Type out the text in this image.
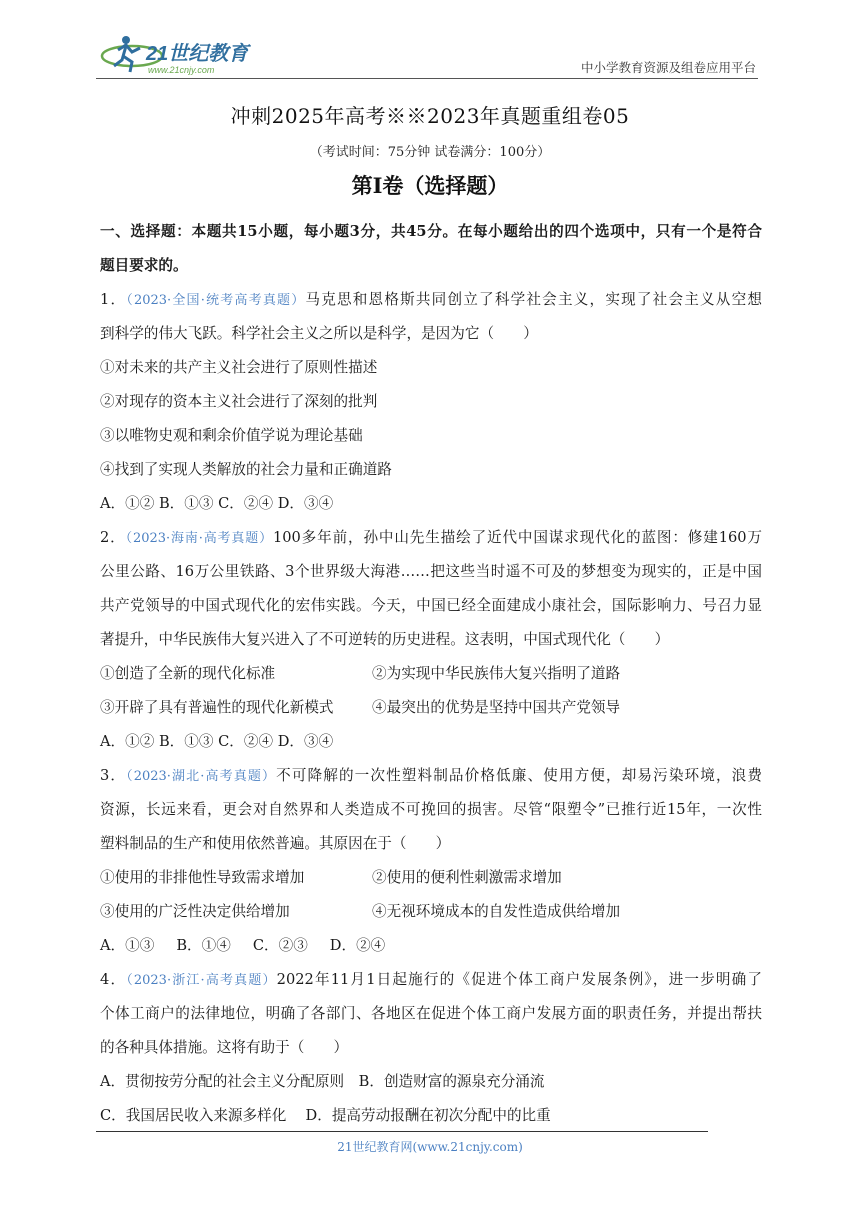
21世纪教育
www.21cnjy.com	中小学教育资源及组卷应用平台
冲刺2025年高考※※2023年真题重组卷05
（考试时间：75分钟 试卷满分：100分）
第I卷（选择题）
一、选择题：本题共15小题，每小题3分，共45分。在每小题给出的四个选项中，只有一个是符合
题目要求的。
1．（2023·全国·统考高考真题）马克思和恩格斯共同创立了科学社会主义，实现了社会主义从空想
到科学的伟大飞跃。科学社会主义之所以是科学，是因为它（　　）
①对未来的共产主义社会进行了原则性描述
②对现存的资本主义社会进行了深刻的批判
③以唯物史观和剩余价值学说为理论基础
④找到了实现人类解放的社会力量和正确道路
A．①② B．①③ C．②④ D．③④
2．（2023·海南·高考真题）100多年前，孙中山先生描绘了近代中国谋求现代化的蓝图：修建160万
公里公路、16万公里铁路、3个世界级大海港……把这些当时遥不可及的梦想变为现实的，正是中国
共产党领导的中国式现代化的宏伟实践。今天，中国已经全面建成小康社会，国际影响力、号召力显
著提升，中华民族伟大复兴进入了不可逆转的历史进程。这表明，中国式现代化（　　）
①创造了全新的现代化标准	②为实现中华民族伟大复兴指明了道路
③开辟了具有普遍性的现代化新模式	④最突出的优势是坚持中国共产党领导
A．①② B．①③ C．②④ D．③④
3．（2023·湖北·高考真题）不可降解的一次性塑料制品价格低廉、使用方便，却易污染环境，浪费
资源，长远来看，更会对自然界和人类造成不可挽回的损害。尽管“限塑令”已推行近15年，一次性
塑料制品的生产和使用依然普遍。其原因在于（　　）
①使用的非排他性导致需求增加	②使用的便利性刺激需求增加
③使用的广泛性决定供给增加	④无视环境成本的自发性造成供给增加
A．①③ B．①④ C．②③ D．②④
4．（2023·浙江·高考真题）2022年11月1日起施行的《促进个体工商户发展条例》，进一步明确了
个体工商户的法律地位，明确了各部门、各地区在促进个体工商户发展方面的职责任务，并提出帮扶
的各种具体措施。这将有助于（　　）
A．贯彻按劳分配的社会主义分配原则　B．创造财富的源泉充分涌流
C．我国居民收入来源多样化　 D．提高劳动报酬在初次分配中的比重
21世纪教育网(www.21cnjy.com)
